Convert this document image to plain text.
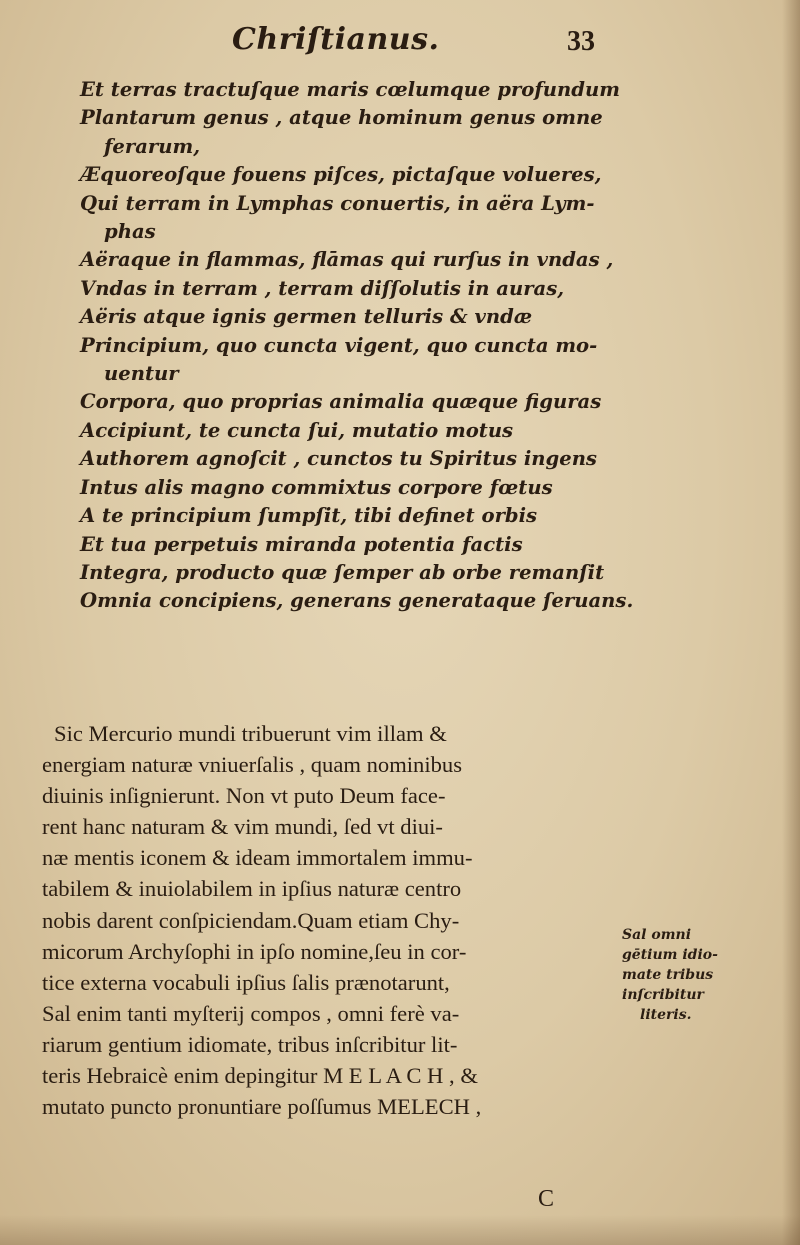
Chriſtianus.	33
Et terras tractuſque maris cœlumque profundum
Plantarum genus , atque hominum genus omne
ferarum,
Æquoreoſque fouens piſces, pictaſque volueres,
Qui terram in Lymphas conuertis, in aëra Lym-
phas
Aëraque in flammas, flāmas qui rurſus in vndas ,
Vndas in terram , terram diſſolutis in auras,
Aëris atque ignis germen telluris & vndæ
Principium, quo cuncta vigent, quo cuncta mo-
uentur
Corpora, quo proprias animalia quæque figuras
Accipiunt, te cuncta ſui, mutatio motus
Authorem agnoſcit , cunctos tu Spiritus ingens
Intus alis magno commixtus corpore fœtus
A te principium ſumpſit, tibi definet orbis
Et tua perpetuis miranda potentia factis
Integra, producto quæ ſemper ab orbe remanſit
Omnia concipiens, generans generataque ſeruans.
Sic Mercurio mundi tribuerunt vim illam &
energiam naturæ vniuerſalis , quam nominibus
diuinis inſignierunt. Non vt puto Deum face-
rent hanc naturam & vim mundi, ſed vt diui-
næ mentis iconem & ideam immortalem immu-
tabilem & inuiolabilem in ipſius naturæ centro
nobis darent conſpiciendam.Quam etiam Chy-
micorum Archyſophi in ipſo nomine,ſeu in cor-
tice externa vocabuli ipſius ſalis prænotarunt,
Sal enim tanti myſterij compos , omni ferè va-
riarum gentium idiomate, tribus inſcribitur lit-
teris Hebraicè enim depingitur M E L A C H , &
mutato puncto pronuntiare poſſumus MELECH ,
Sal omni
gētium idio-
mate tribus
inſcribitur
literis.
C
